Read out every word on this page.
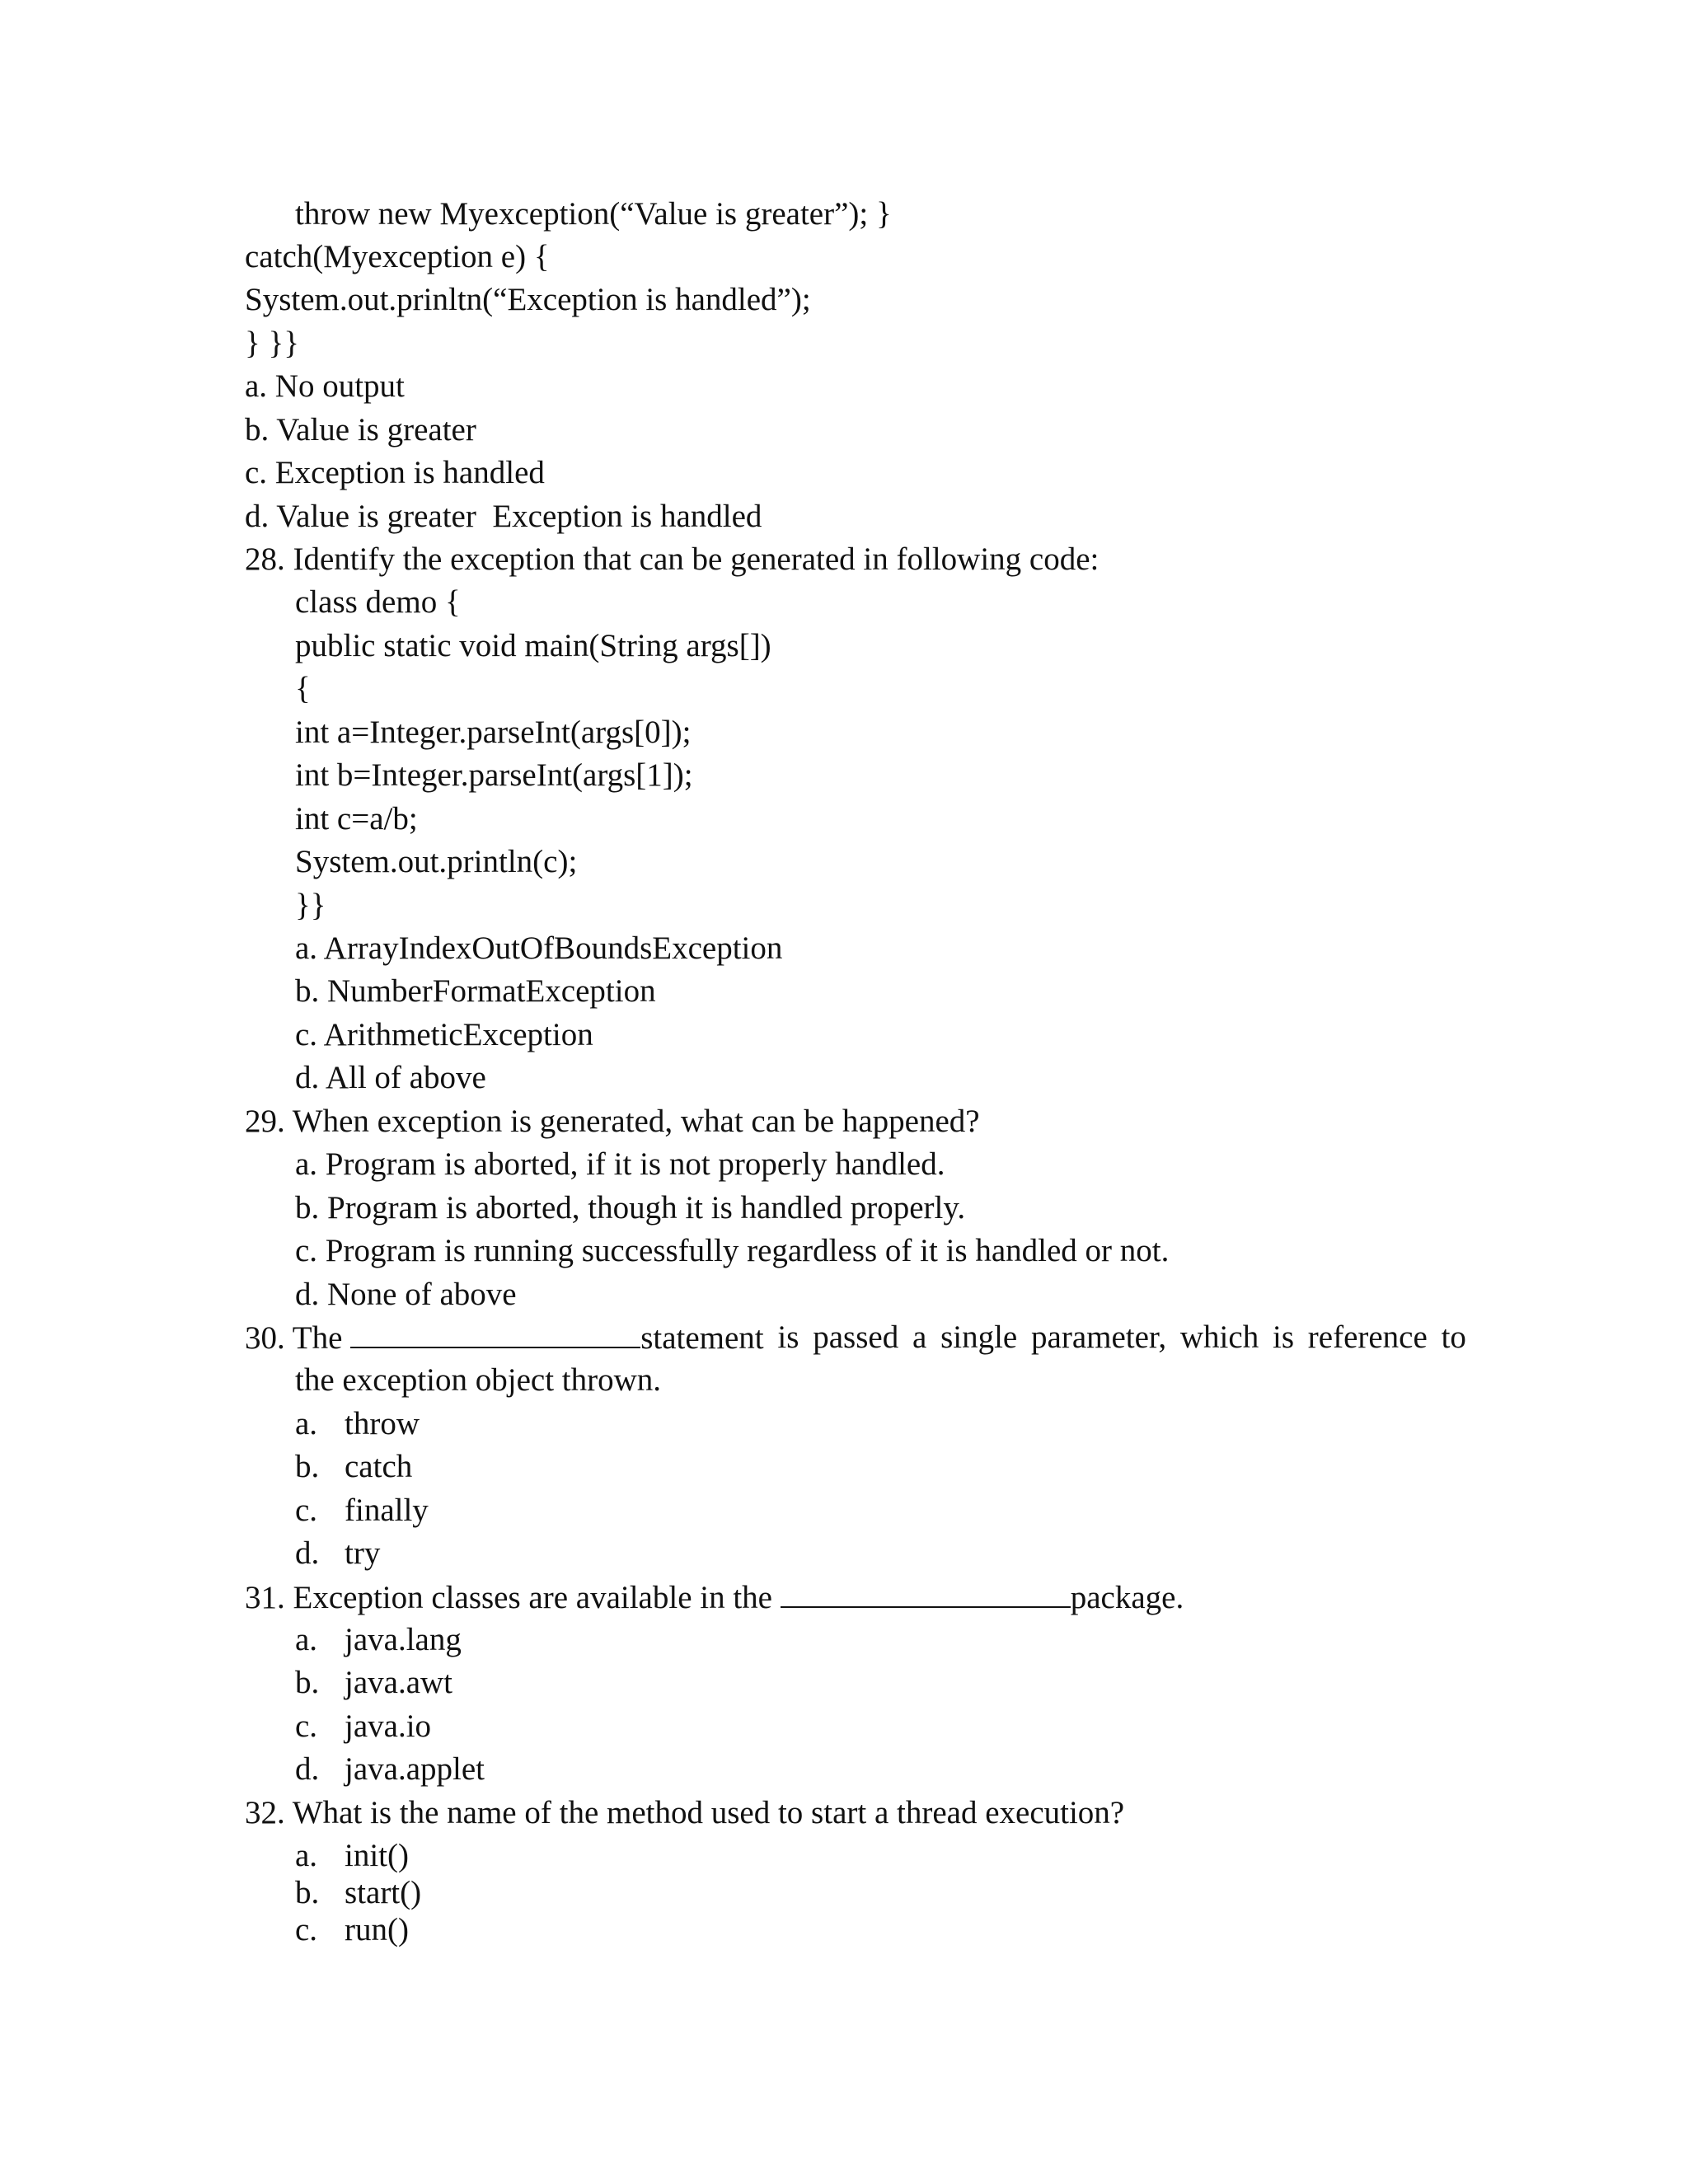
throw new Myexception(“Value is greater”); }
catch(Myexception e) {
System.out.prinltn(“Exception is handled”);
} }}
a. No output
b. Value is greater
c. Exception is handled
d. Value is greater  Exception is handled
28. Identify the exception that can be generated in following code:
class demo {
public static void main(String args[])
{
int a=Integer.parseInt(args[0]);
int b=Integer.parseInt(args[1]);
int c=a/b;
System.out.println(c);
}}
a. ArrayIndexOutOfBoundsException
b. NumberFormatException
c. ArithmeticException
d. All of above
29. When exception is generated, what can be happened?
a. Program is aborted, if it is not properly handled.
b. Program is aborted, though it is handled properly.
c. Program is running successfully regardless of it is handled or not.
d. None of above
30. The	statement is passed a single parameter, which is reference to
the exception object thrown.
a. throw
b. catch
c. finally
d. try
31. Exception classes are available in the	package.
a. java.lang
b. java.awt
c. java.io
d. java.applet
32. What is the name of the method used to start a thread execution?
a. init()
b. start()
c. run()
